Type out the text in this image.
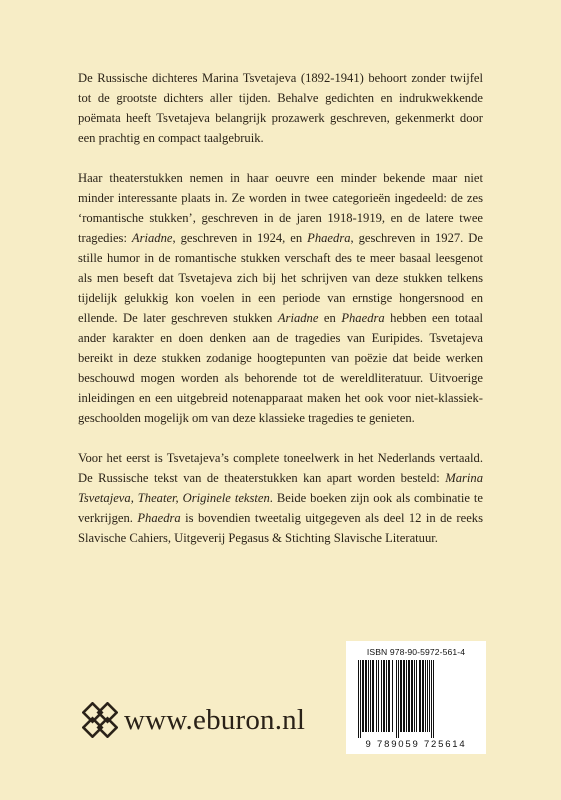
De Russische dichteres Marina Tsvetajeva (1892-1941) behoort zonder twijfel tot de grootste dichters aller tijden. Behalve gedichten en indrukwekkende poëmata heeft Tsvetajeva belangrijk prozawerk geschreven, gekenmerkt door een prachtig en compact taalgebruik.

Haar theaterstukken nemen in haar oeuvre een minder bekende maar niet minder interessante plaats in. Ze worden in twee categorieën ingedeeld: de zes ‘romantische stukken’, geschreven in de jaren 1918-1919, en de latere twee tragedies: Ariadne, geschreven in 1924, en Phaedra, geschreven in 1927. De stille humor in de romantische stukken verschaft des te meer basaal leesgenot als men beseft dat Tsvetajeva zich bij het schrijven van deze stukken telkens tijdelijk gelukkig kon voelen in een periode van ernstige hongersnood en ellende. De later geschreven stukken Ariadne en Phaedra hebben een totaal ander karakter en doen denken aan de tragedies van Euripides. Tsvetajeva bereikt in deze stukken zodanige hoogtepunten van poëzie dat beide werken beschouwd mogen worden als behorende tot de wereldliteratuur. Uitvoerige inleidingen en een uitgebreid notenapparaat maken het ook voor niet-klassiek-geschoolden mogelijk om van deze klassieke tragedies te genieten.

Voor het eerst is Tsvetajeva’s complete toneelwerk in het Nederlands vertaald. De Russische tekst van de theaterstukken kan apart worden besteld: Marina Tsvetajeva, Theater, Originele teksten. Beide boeken zijn ook als combinatie te verkrijgen. Phaedra is bovendien tweetalig uitgegeven als deel 12 in de reeks Slavische Cahiers, Uitgeverij Pegasus & Stichting Slavische Literatuur.

ISBN 978-90-5972-561-4
9 789059 725614
www.eburon.nl
